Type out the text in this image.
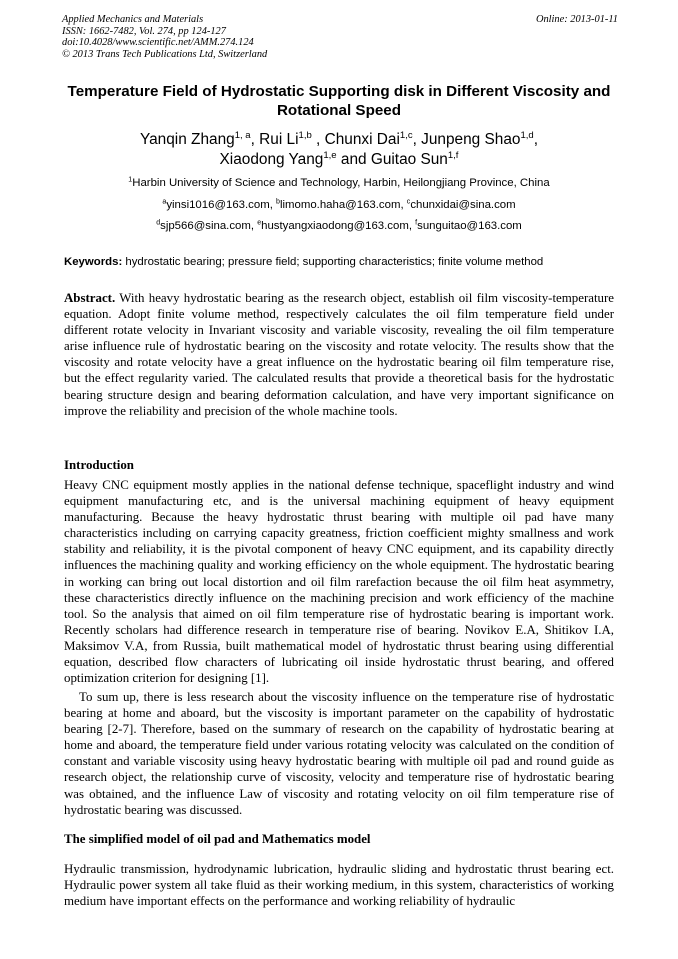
Applied Mechanics and Materials
ISSN: 1662-7482, Vol. 274, pp 124-127
doi:10.4028/www.scientific.net/AMM.274.124
© 2013 Trans Tech Publications Ltd, Switzerland
Online: 2013-01-11
Temperature Field of Hydrostatic Supporting disk in Different Viscosity and Rotational Speed
Yanqin Zhang$^{1, a}$, Rui Li$^{1,b}$ , Chunxi Dai$^{1,c}$, Junpeng Shao$^{1,d}$,
Xiaodong Yang$^{1,e}$ and Guitao Sun$^{1,f}$
$^1$Harbin University of Science and Technology, Harbin, Heilongjiang Province, China
$^a$yinsi1016@163.com, $^b$limomo.haha@163.com, $^c$chunxidai@sina.com
$^d$sjp566@sina.com, $^e$hustyangxiaodong@163.com, $^f$sunguitao@163.com
Keywords: hydrostatic bearing; pressure field; supporting characteristics; finite volume method
Abstract. With heavy hydrostatic bearing as the research object, establish oil film viscosity-temperature equation. Adopt finite volume method, respectively calculates the oil film temperature field under different rotate velocity in Invariant viscosity and variable viscosity, revealing the oil film temperature arise influence rule of hydrostatic bearing on the viscosity and rotate velocity. The results show that the viscosity and rotate velocity have a great influence on the hydrostatic bearing oil film temperature rise, but the effect regularity varied. The calculated results that provide a theoretical basis for the hydrostatic bearing structure design and bearing deformation calculation, and have very important significance on improve the reliability and precision of the whole machine tools.
Introduction
Heavy CNC equipment mostly applies in the national defense technique, spaceflight industry and wind equipment manufacturing etc, and is the universal machining equipment of heavy equipment manufacturing. Because the heavy hydrostatic thrust bearing with multiple oil pad have many characteristics including on carrying capacity greatness, friction coefficient mighty smallness and work stability and reliability, it is the pivotal component of heavy CNC equipment, and its capability directly influences the machining quality and working efficiency on the whole equipment. The hydrostatic bearing in working can bring out local distortion and oil film rarefaction because the oil film heat asymmetry, these characteristics directly influence on the machining precision and work efficiency of the machine tool. So the analysis that aimed on oil film temperature rise of hydrostatic bearing is important work. Recently scholars had difference research in temperature rise of bearing. Novikov E.A, Shitikov I.A, Maksimov V.A, from Russia, built mathematical model of hydrostatic thrust bearing using differential equation, described flow characters of lubricating oil inside hydrostatic thrust bearing, and offered optimization criterion for designing [1].
To sum up, there is less research about the viscosity influence on the temperature rise of hydrostatic bearing at home and aboard, but the viscosity is important parameter on the capability of hydrostatic bearing [2-7]. Therefore, based on the summary of research on the capability of hydrostatic bearing at home and aboard, the temperature field under various rotating velocity was calculated on the condition of constant and variable viscosity using heavy hydrostatic bearing with multiple oil pad and round guide as research object, the relationship curve of viscosity, velocity and temperature rise of hydrostatic bearing was obtained, and the influence Law of viscosity and rotating velocity on oil film temperature rise of hydrostatic bearing was discussed.
The simplified model of oil pad and Mathematics model
Hydraulic transmission, hydrodynamic lubrication, hydraulic sliding and hydrostatic thrust bearing ect. Hydraulic power system all take fluid as their working medium, in this system, characteristics of working medium have important effects on the performance and working reliability of hydraulic
